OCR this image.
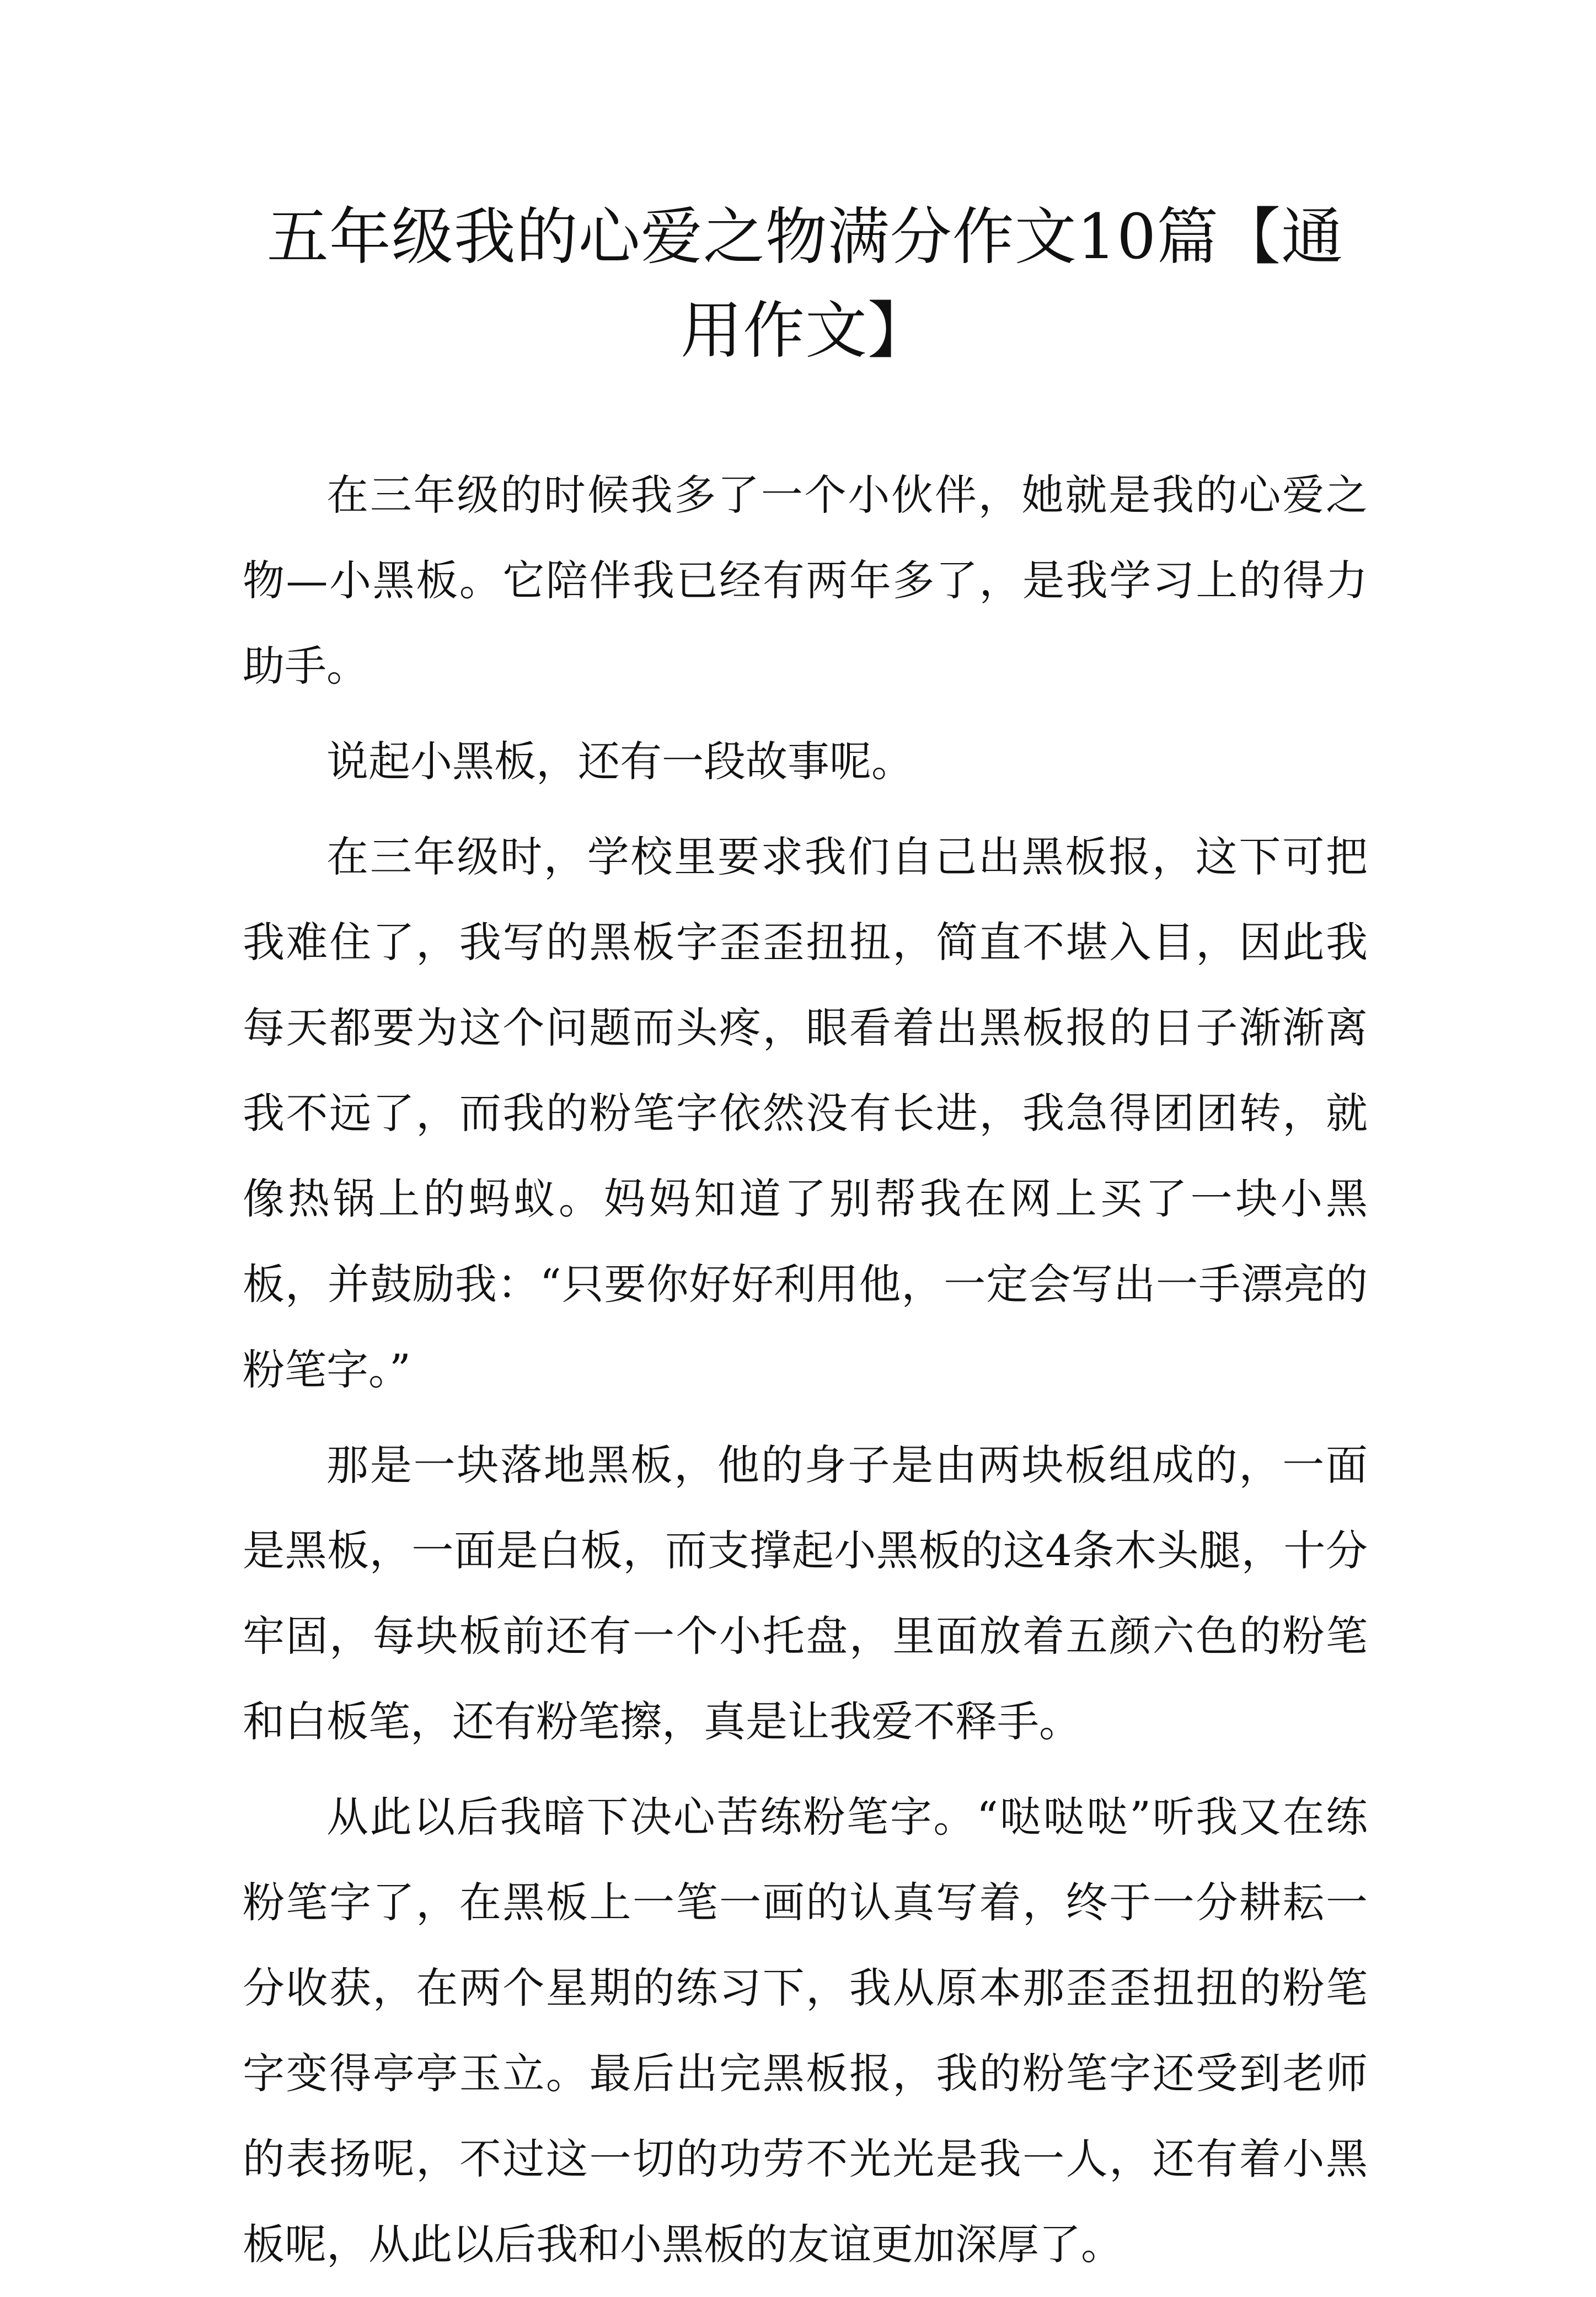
五年级我的心爱之物满分作文10篇【通用作文】

在三年级的时候我多了一个小伙伴，她就是我的心爱之物—小黑板。它陪伴我已经有两年多了，是我学习上的得力助手。

说起小黑板，还有一段故事呢。

在三年级时，学校里要求我们自己出黑板报，这下可把我难住了，我写的黑板字歪歪扭扭，简直不堪入目，因此我每天都要为这个问题而头疼，眼看着出黑板报的日子渐渐离我不远了，而我的粉笔字依然没有长进，我急得团团转，就像热锅上的蚂蚁。妈妈知道了别帮我在网上买了一块小黑板，并鼓励我：“只要你好好利用他，一定会写出一手漂亮的粉笔字。”

那是一块落地黑板，他的身子是由两块板组成的，一面是黑板，一面是白板，而支撑起小黑板的这4条木头腿，十分牢固，每块板前还有一个小托盘，里面放着五颜六色的粉笔和白板笔，还有粉笔擦，真是让我爱不释手。

从此以后我暗下决心苦练粉笔字。“哒哒哒”听我又在练粉笔字了，在黑板上一笔一画的认真写着，终于一分耕耘一分收获，在两个星期的练习下，我从原本那歪歪扭扭的粉笔字变得亭亭玉立。最后出完黑板报，我的粉笔字还受到老师的表扬呢，不过这一切的功劳不光光是我一人，还有着小黑板呢，从此以后我和小黑板的友谊更加深厚了。
